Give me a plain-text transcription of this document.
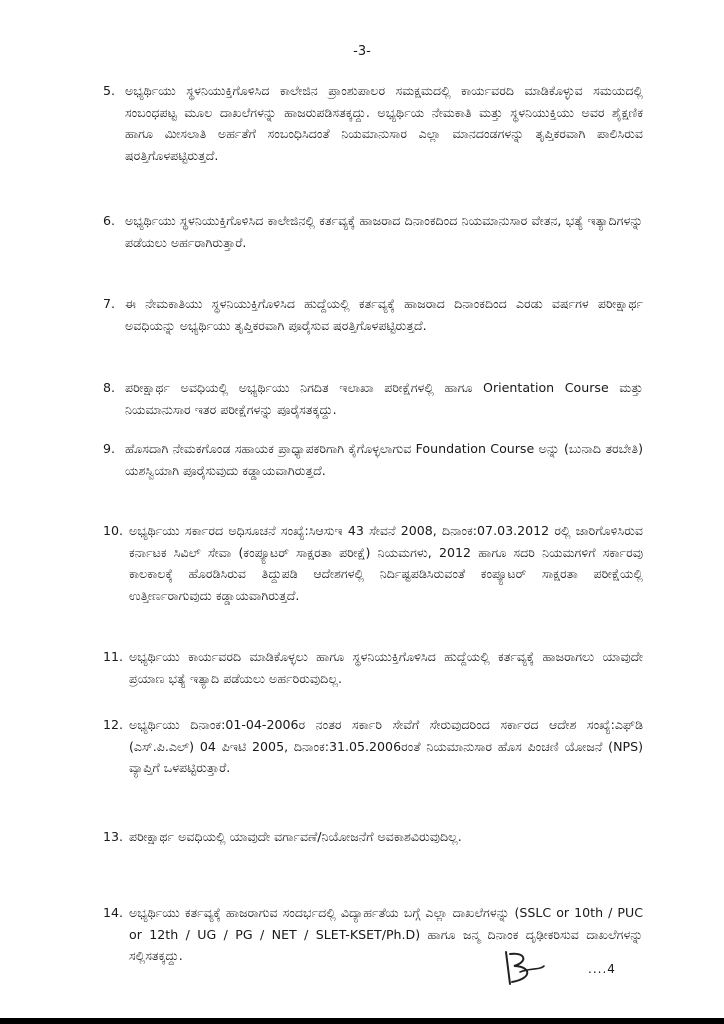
-3-
5. ಅಭ್ಯರ್ಥಿಯು ಸ್ಥಳನಿಯುಕ್ತಿಗೊಳಿಸಿದ ಕಾಲೇಜಿನ ಪ್ರಾಂಶುಪಾಲರ ಸಮಕ್ಷಮದಲ್ಲಿ ಕಾರ್ಯವರದಿ ಮಾಡಿಕೊಳ್ಳುವ ಸಮಯದಲ್ಲಿ ಸಂಬಂಧಪಟ್ಟ ಮೂಲ ದಾಖಲೆಗಳನ್ನು ಹಾಜರುಪಡಿಸತಕ್ಕದ್ದು. ಅಭ್ಯರ್ಥಿಯ ನೇಮಕಾತಿ ಮತ್ತು ಸ್ಥಳನಿಯುಕ್ತಿಯು ಅವರ ಶೈಕ್ಷಣಿಕ ಹಾಗೂ ಮೀಸಲಾತಿ ಅರ್ಹತೆಗೆ ಸಂಬಂಧಿಸಿದಂತೆ ನಿಯಮಾನುಸಾರ ಎಲ್ಲಾ ಮಾನದಂಡಗಳನ್ನು ತೃಪ್ತಿಕರವಾಗಿ ಪಾಲಿಸಿರುವ ಷರತ್ತಿಗೊಳಪಟ್ಟಿರುತ್ತದೆ.
6. ಅಭ್ಯರ್ಥಿಯು ಸ್ಥಳನಿಯುಕ್ತಿಗೊಳಿಸಿದ ಕಾಲೇಜಿನಲ್ಲಿ ಕರ್ತವ್ಯಕ್ಕೆ ಹಾಜರಾದ ದಿನಾಂಕದಿಂದ ನಿಯಮಾನುಸಾರ ವೇತನ, ಭತ್ಯೆ ಇತ್ಯಾದಿಗಳನ್ನು ಪಡೆಯಲು ಅರ್ಹರಾಗಿರುತ್ತಾರೆ.
7. ಈ ನೇಮಕಾತಿಯು ಸ್ಥಳನಿಯುಕ್ತಿಗೊಳಿಸಿದ ಹುದ್ದೆಯಲ್ಲಿ ಕರ್ತವ್ಯಕ್ಕೆ ಹಾಜರಾದ ದಿನಾಂಕದಿಂದ ಎರಡು ವರ್ಷಗಳ ಪರೀಕ್ಷಾರ್ಥ ಅವಧಿಯನ್ನು ಅಭ್ಯರ್ಥಿಯು ತೃಪ್ತಿಕರವಾಗಿ ಪೂರೈಸುವ ಷರತ್ತಿಗೊಳಪಟ್ಟಿರುತ್ತದೆ.
8. ಪರೀಕ್ಷಾರ್ಥ ಅವಧಿಯಲ್ಲಿ ಅಭ್ಯರ್ಥಿಯು ನಿಗದಿತ ಇಲಾಖಾ ಪರೀಕ್ಷೆಗಳಲ್ಲಿ ಹಾಗೂ Orientation Course ಮತ್ತು ನಿಯಮಾನುಸಾರ ಇತರ ಪರೀಕ್ಷೆಗಳನ್ನು ಪೂರೈಸತಕ್ಕದ್ದು.
9. ಹೊಸದಾಗಿ ನೇಮಕಗೊಂಡ ಸಹಾಯಕ ಪ್ರಾಧ್ಯಾಪಕರಿಗಾಗಿ ಕೈಗೊಳ್ಳಲಾಗುವ Foundation Course ಅನ್ನು (ಬುನಾದಿ ತರಬೇತಿ) ಯಶಸ್ವಿಯಾಗಿ ಪೂರೈಸುವುದು ಕಡ್ಡಾಯವಾಗಿರುತ್ತದೆ.
10. ಅಭ್ಯರ್ಥಿಯು ಸರ್ಕಾರದ ಅಧಿಸೂಚನೆ ಸಂಖ್ಯೆ:ಸಿಆಸುಇ 43 ಸೇವನೆ 2008, ದಿನಾಂಕ:07.03.2012 ರಲ್ಲಿ ಜಾರಿಗೊಳಿಸಿರುವ ಕರ್ನಾಟಕ ಸಿವಿಲ್ ಸೇವಾ (ಕಂಪ್ಯೂಟರ್ ಸಾಕ್ಷರತಾ ಪರೀಕ್ಷೆ) ನಿಯಮಗಳು, 2012 ಹಾಗೂ ಸದರಿ ನಿಯಮಗಳಿಗೆ ಸರ್ಕಾರವು ಕಾಲಕಾಲಕ್ಕೆ ಹೊರಡಿಸಿರುವ ತಿದ್ದುಪಡಿ ಆದೇಶಗಳಲ್ಲಿ ನಿರ್ದಿಷ್ಟಪಡಿಸಿರುವಂತೆ ಕಂಪ್ಯೂಟರ್ ಸಾಕ್ಷರತಾ ಪರೀಕ್ಷೆಯಲ್ಲಿ ಉತ್ತೀರ್ಣರಾಗುವುದು ಕಡ್ಡಾಯವಾಗಿರುತ್ತದೆ.
11. ಅಭ್ಯರ್ಥಿಯು ಕಾರ್ಯವರದಿ ಮಾಡಿಕೊಳ್ಳಲು ಹಾಗೂ ಸ್ಥಳನಿಯುಕ್ತಿಗೊಳಿಸಿದ ಹುದ್ದೆಯಲ್ಲಿ ಕರ್ತವ್ಯಕ್ಕೆ ಹಾಜರಾಗಲು ಯಾವುದೇ ಪ್ರಯಾಣ ಭತ್ಯೆ ಇತ್ಯಾದಿ ಪಡೆಯಲು ಅರ್ಹರಿರುವುದಿಲ್ಲ.
12. ಅಭ್ಯರ್ಥಿಯು ದಿನಾಂಕ:01-04-2006ರ ನಂತರ ಸರ್ಕಾರಿ ಸೇವೆಗೆ ಸೇರುವುದರಿಂದ ಸರ್ಕಾರದ ಆದೇಶ ಸಂಖ್ಯೆ:ಎಫ್‌ಡಿ (ಎಸ್.ಪಿ.ಎಲ್) 04 ಪಿಇಟಿ 2005, ದಿನಾಂಕ:31.05.2006ರಂತೆ ನಿಯಮಾನುಸಾರ ಹೊಸ ಪಿಂಚಣಿ ಯೋಜನೆ (NPS) ವ್ಯಾಪ್ತಿಗೆ ಒಳಪಟ್ಟಿರುತ್ತಾರೆ.
13. ಪರೀಕ್ಷಾರ್ಥ ಅವಧಿಯಲ್ಲಿ ಯಾವುದೇ ವರ್ಗಾವಣೆ/ನಿಯೋಜನೆಗೆ ಅವಕಾಶವಿರುವುದಿಲ್ಲ.
14. ಅಭ್ಯರ್ಥಿಯು ಕರ್ತವ್ಯಕ್ಕೆ ಹಾಜರಾಗುವ ಸಂದರ್ಭದಲ್ಲಿ ವಿದ್ಯಾರ್ಹತೆಯ ಬಗ್ಗೆ ಎಲ್ಲಾ ದಾಖಲೆಗಳನ್ನು (SSLC or 10th / PUC or 12th / UG / PG / NET / SLET-KSET/Ph.D) ಹಾಗೂ ಜನ್ಮ ದಿನಾಂಕ ದೃಢೀಕರಿಸುವ ದಾಖಲೆಗಳನ್ನು ಸಲ್ಲಿಸತಕ್ಕದ್ದು.
....4
